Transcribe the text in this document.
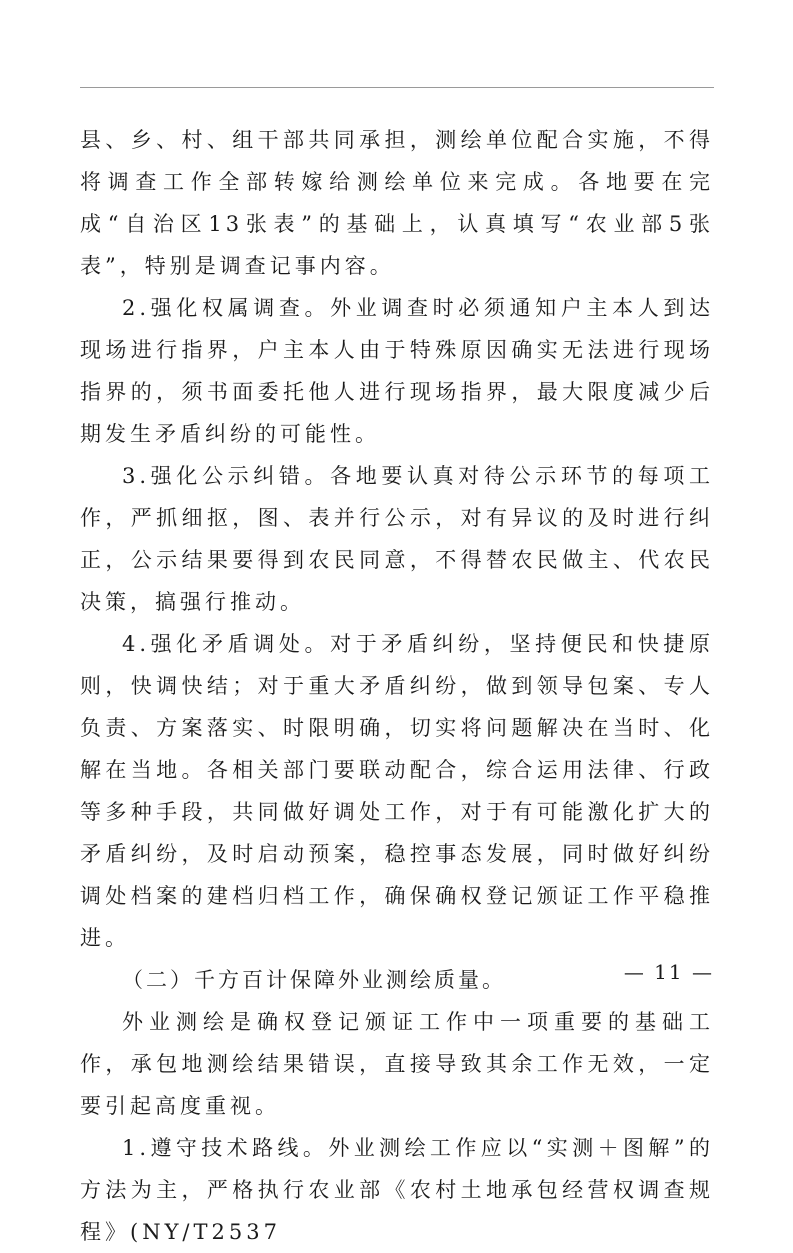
县、乡、村、组干部共同承担，测绘单位配合实施，不得将调查工作全部转嫁给测绘单位来完成。各地要在完成“自治区13张表”的基础上，认真填写“农业部5张表”，特别是调查记事内容。

2.强化权属调查。外业调查时必须通知户主本人到达现场进行指界，户主本人由于特殊原因确实无法进行现场指界的，须书面委托他人进行现场指界，最大限度减少后期发生矛盾纠纷的可能性。

3.强化公示纠错。各地要认真对待公示环节的每项工作，严抓细抠，图、表并行公示，对有异议的及时进行纠正，公示结果要得到农民同意，不得替农民做主、代农民决策，搞强行推动。

4.强化矛盾调处。对于矛盾纠纷，坚持便民和快捷原则，快调快结；对于重大矛盾纠纷，做到领导包案、专人负责、方案落实、时限明确，切实将问题解决在当时、化解在当地。各相关部门要联动配合，综合运用法律、行政等多种手段，共同做好调处工作，对于有可能激化扩大的矛盾纠纷，及时启动预案，稳控事态发展，同时做好纠纷调处档案的建档归档工作，确保确权登记颁证工作平稳推进。

（二）千方百计保障外业测绘质量。

外业测绘是确权登记颁证工作中一项重要的基础工作，承包地测绘结果错误，直接导致其余工作无效，一定要引起高度重视。

1.遵守技术路线。外业测绘工作应以“实测＋图解”的方法为主，严格执行农业部《农村土地承包经营权调查规程》(NY/T2537

— 11 —
